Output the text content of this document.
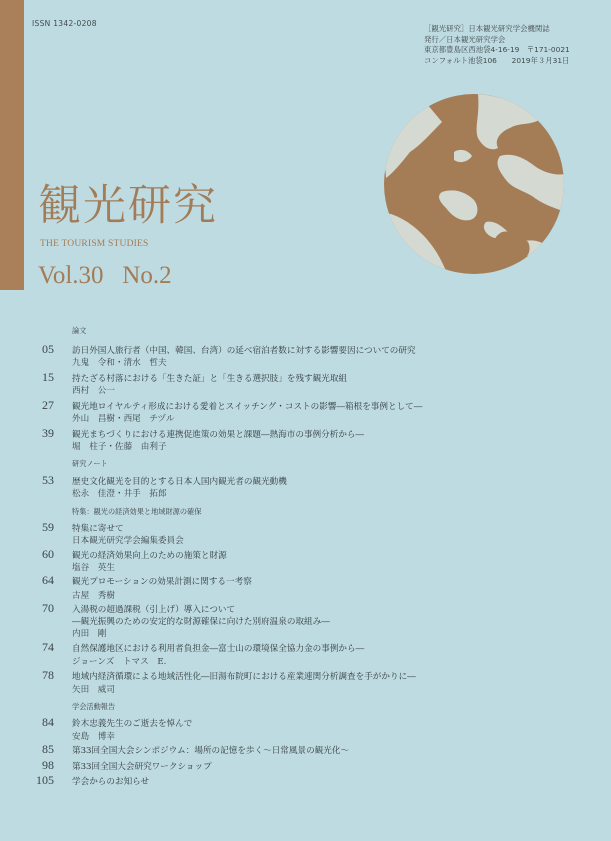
ISSN 1342-0208
［観光研究］日本観光研究学会機関誌
発行／日本観光研究学会
東京都豊島区西池袋4-16-19　〒171-0021
コンフォルト池袋106　　2019年３月31日
観光研究
THE TOURISM STUDIES
Vol.30 No.2
論文
05 訪日外国人旅行者（中国、韓国、台湾）の延べ宿泊者数に対する影響要因についての研究
九鬼　令和・清水　哲夫
15 持たざる村落における「生きた証」と「生きる選択肢」を残す観光取組
西村　公一
27 観光地ロイヤルティ形成における愛着とスイッチング・コストの影響―箱根を事例として―
外山　昌樹・西尾　チヅル
39 観光まちづくりにおける連携促進策の効果と課題―熱海市の事例分析から―
堀　柱子・佐藤　由利子
研究ノート
53 歴史文化観光を目的とする日本人国内観光者の観光動機
松永　佳澄・井手　拓郎
特集：観光の経済効果と地域財源の確保
59 特集に寄せて
日本観光研究学会編集委員会
60 観光の経済効果向上のための施策と財源
塩谷　英生
64 観光プロモーションの効果計測に関する一考察
古屋　秀樹
70 入湯税の超過課税（引上げ）導入について
―観光振興のための安定的な財源確保に向けた別府温泉の取組み―
内田　剛
74 自然保護地区における利用者負担金―富士山の環境保全協力金の事例から―
ジョーンズ　トマス　E.
78 地域内経済循環による地域活性化―旧湯布院町における産業連関分析調査を手がかりに―
矢田　威司
学会活動報告
84 鈴木忠義先生のご逝去を悼んで
安島　博幸
85 第33回全国大会シンポジウム：場所の記憶を歩く～日常風景の観光化～
98 第33回全国大会研究ワークショップ
105 学会からのお知らせ
